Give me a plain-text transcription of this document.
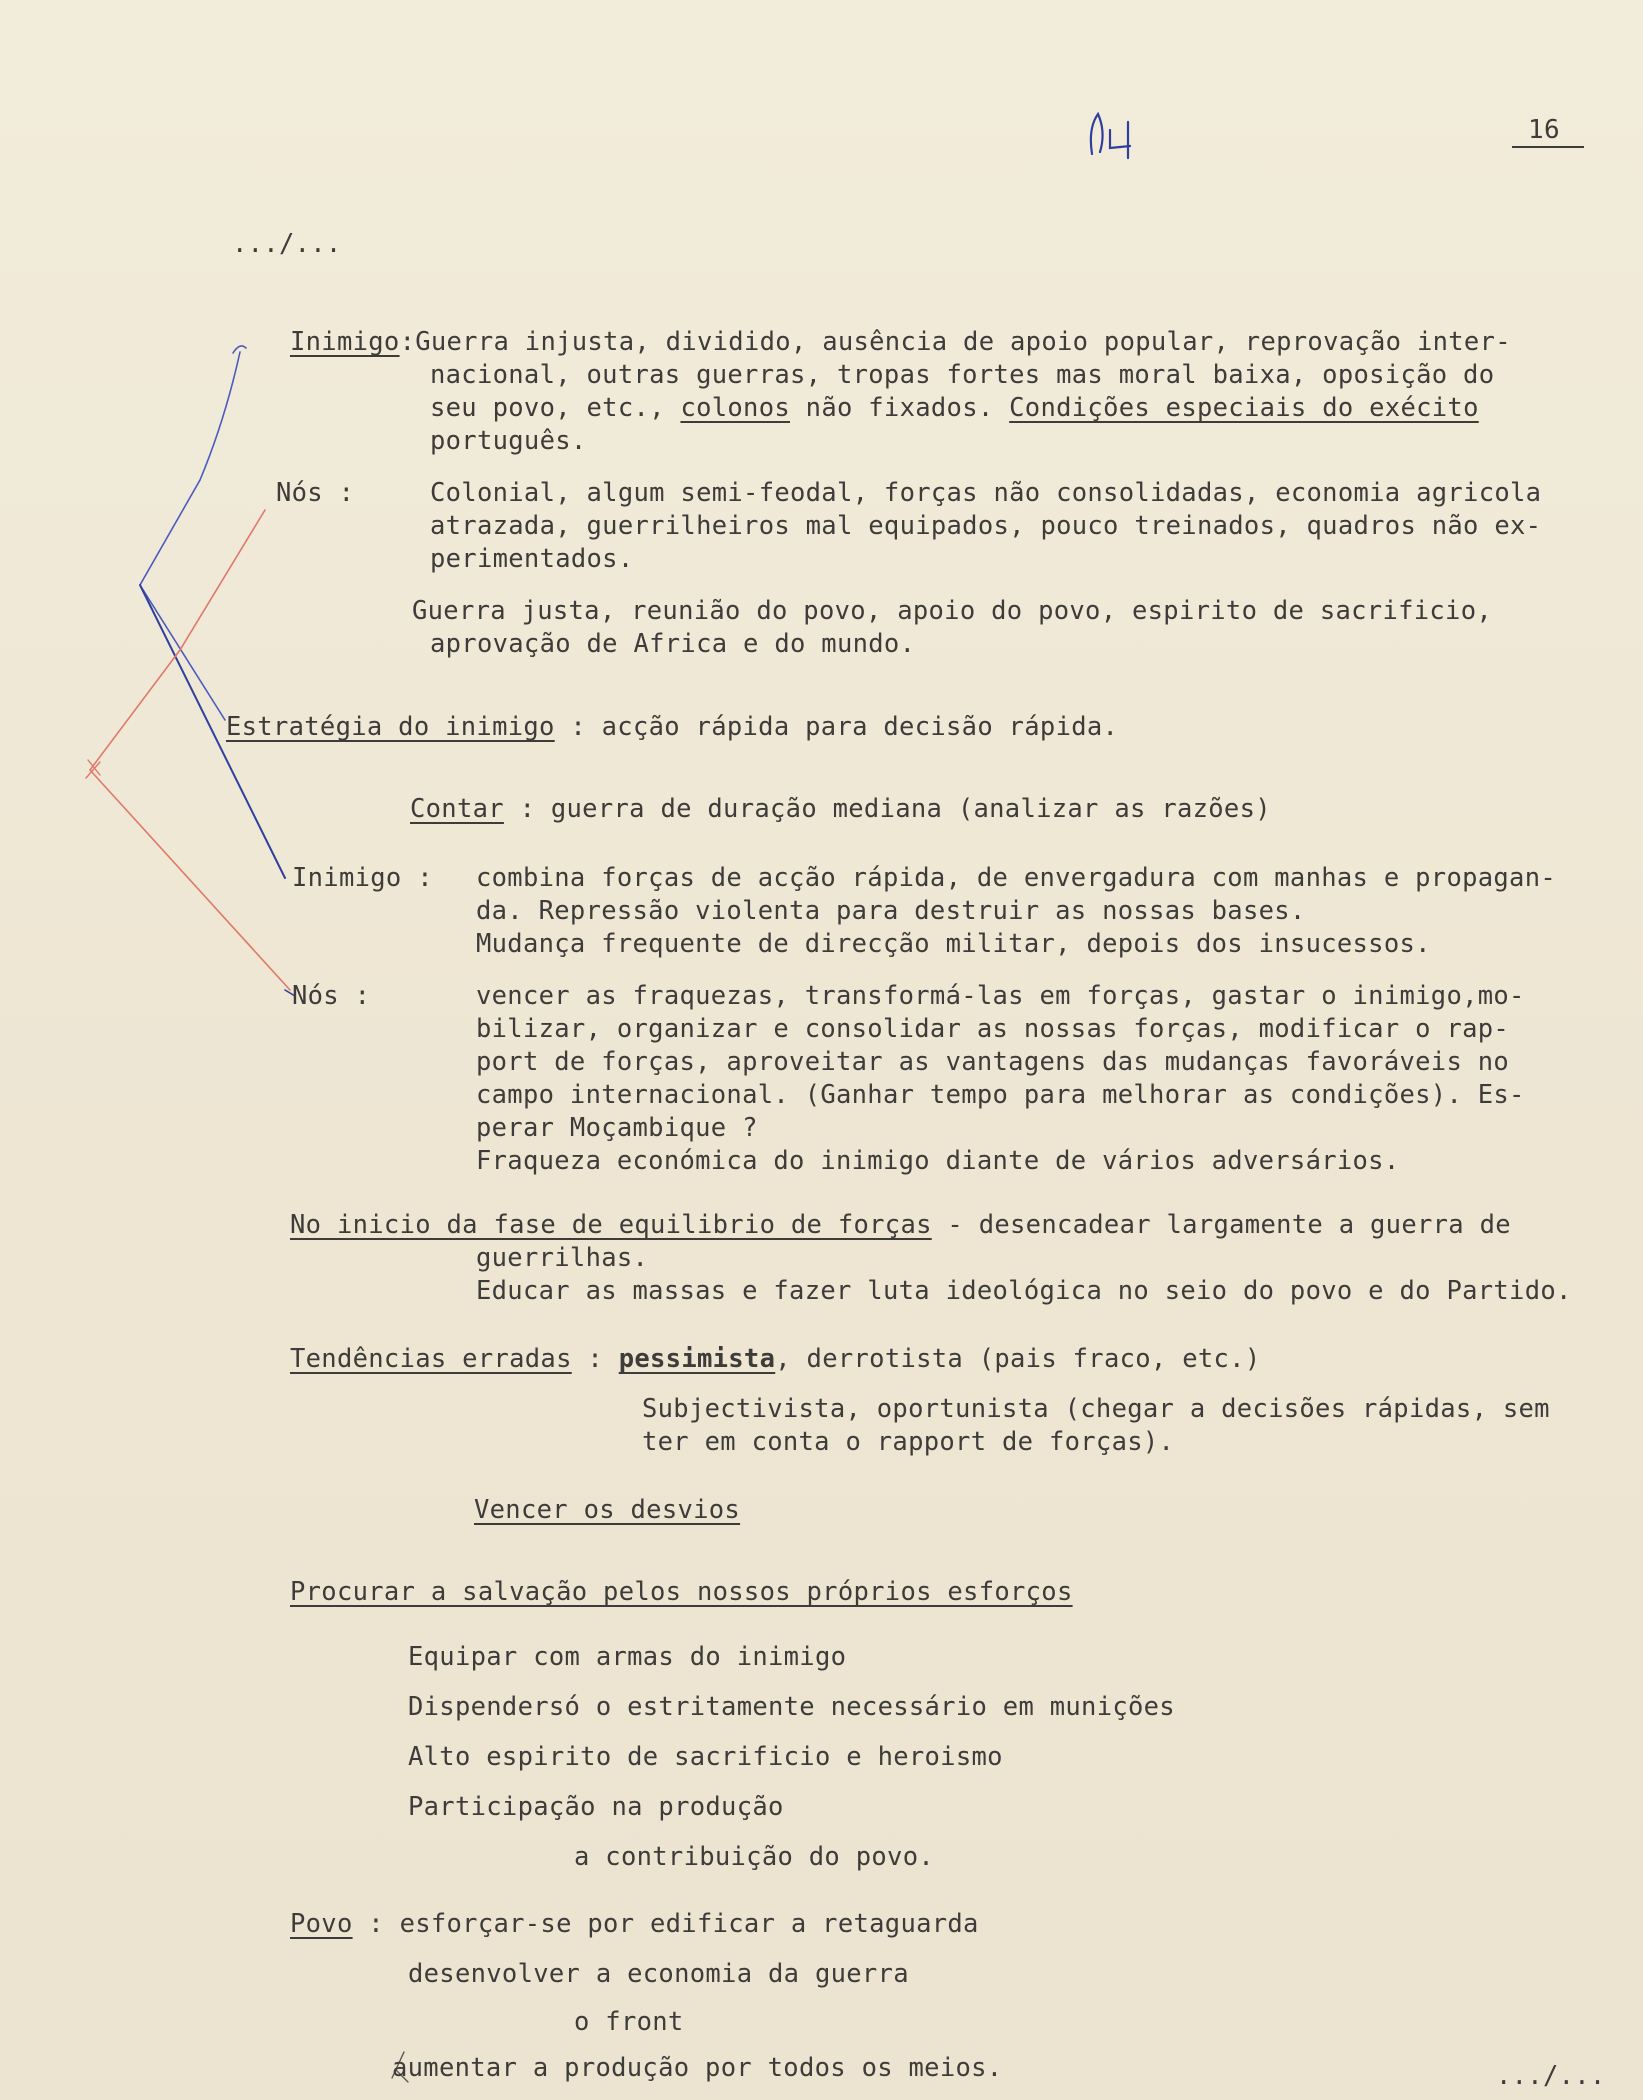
16
.../...
Inimigo:Guerra injusta, dividido, ausência de apoio popular, reprovação inter-
nacional, outras guerras, tropas fortes mas moral baixa, oposição do
seu povo, etc., colonos não fixados. Condições especiais do exécito
português.
Nós :	Colonial, algum semi-feodal, forças não consolidadas, economia agricola
atrazada, guerrilheiros mal equipados, pouco treinados, quadros não ex-
perimentados.
Guerra justa, reunião do povo, apoio do povo, espirito de sacrificio,
aprovação de Africa e do mundo.
Estratégia do inimigo : acção rápida para decisão rápida.
Contar : guerra de duração mediana (analizar as razões)
Inimigo : combina forças de acção rápida, de envergadura com manhas e propagan-
da. Repressão violenta para destruir as nossas bases.
Mudança frequente de direcção militar, depois dos insucessos.
Nós :	vencer as fraquezas, transformá-las em forças, gastar o inimigo,mo-
bilizar, organizar e consolidar as nossas forças, modificar o rap-
port de forças, aproveitar as vantagens das mudanças favoráveis no
campo internacional. (Ganhar tempo para melhorar as condições). Es-
perar Moçambique ?
Fraqueza económica do inimigo diante de vários adversários.
No inicio da fase de equilibrio de forças - desencadear largamente a guerra de
guerrilhas.
Educar as massas e fazer luta ideológica no seio do povo e do Partido.
Tendências erradas : pessimista, derrotista (pais fraco, etc.)
Subjectivista, oportunista (chegar a decisões rápidas, sem
ter em conta o rapport de forças).
Vencer os desvios
Procurar a salvação pelos nossos próprios esforços
Equipar com armas do inimigo
Dispendersó o estritamente necessário em munições
Alto espirito de sacrificio e heroismo
Participação na produção
a contribuição do povo.
Povo : esforçar-se por edificar a retaguarda
desenvolver a economia da guerra
o front
aumentar a produção por todos os meios.	.../...
